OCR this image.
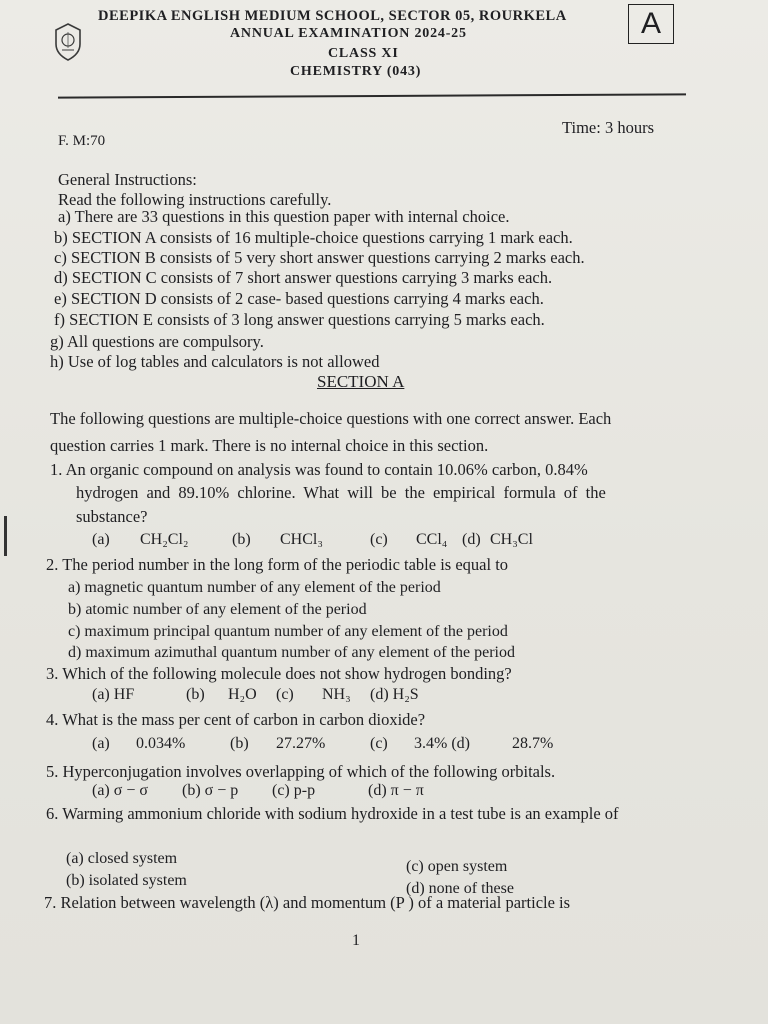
DEEPIKA ENGLISH MEDIUM SCHOOL, SECTOR 05, ROURKELA
ANNUAL EXAMINATION 2024-25
CLASS XI
CHEMISTRY (043)
A
F. M:70
Time: 3 hours
General Instructions:
Read the following instructions carefully.
a) There are 33 questions in this question paper with internal choice.
b) SECTION A consists of 16 multiple-choice questions carrying 1 mark each.
c) SECTION B consists of 5 very short answer questions carrying 2 marks each.
d) SECTION C consists of 7 short answer questions carrying 3 marks each.
e) SECTION D consists of 2 case- based questions carrying 4 marks each.
f) SECTION E consists of 3 long answer questions carrying 5 marks each.
g) All questions are compulsory.
h) Use of log tables and calculators is not allowed
SECTION A
The following questions are multiple-choice questions with one correct answer. Each
question carries 1 mark. There is no internal choice in this section.
1. An organic compound on analysis was found to contain 10.06% carbon, 0.84%
hydrogen and 89.10% chlorine. What will be the empirical formula of the
substance?
(a) CH₂Cl₂	(b) CHCl₃	(c) CCl₄ (d) CH₃Cl
2. The period number in the long form of the periodic table is equal to
a) magnetic quantum number of any element of the period
b) atomic number of any element of the period
c) maximum principal quantum number of any element of the period
d) maximum azimuthal quantum number of any element of the period
3. Which of the following molecule does not show hydrogen bonding?
(a) HF	(b) H₂O (c) NH₃ (d) H₂S
4. What is the mass per cent of carbon in carbon dioxide?
(a) 0.034%	(b) 27.27%	(c) 3.4% (d)	28.7%
5. Hyperconjugation involves overlapping of which of the following orbitals.
(a) σ − σ (b) σ − p (c) p-p	(d) π − π
6. Warming ammonium chloride with sodium hydroxide in a test tube is an example of
(a) closed system
(b) isolated system
(c) open system
(d) none of these
7. Relation between wavelength (λ) and momentum (P ) of a material particle is
1
